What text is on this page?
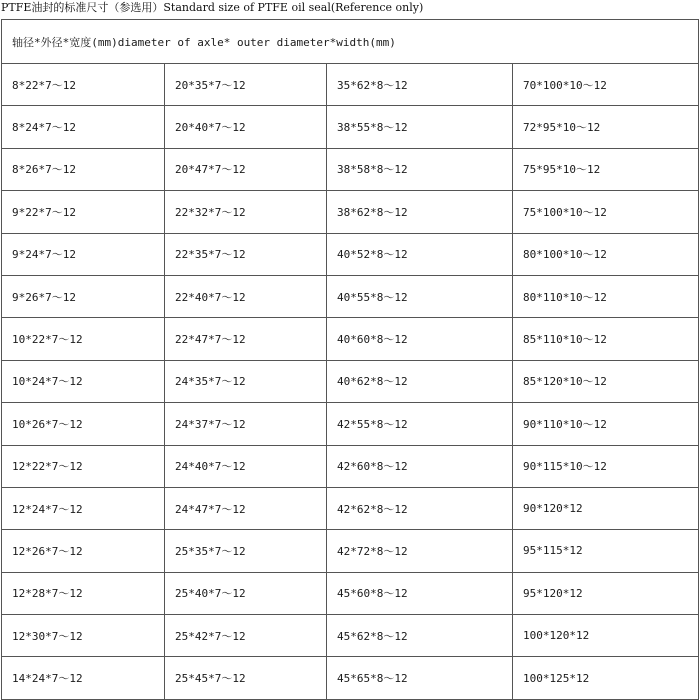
PTFE油封的标准尺寸（参选用）Standard size of PTFE oil seal(Reference only)
轴径*外径*宽度(mm)diameter of axle* outer diameter*width(mm)			
8*22*7～12	20*35*7～12	35*62*8～12	70*100*10～12
8*24*7～12	20*40*7～12	38*55*8～12	72*95*10～12
8*26*7～12	20*47*7～12	38*58*8～12	75*95*10～12
9*22*7～12	22*32*7～12	38*62*8～12	75*100*10～12
9*24*7～12	22*35*7～12	40*52*8～12	80*100*10～12
9*26*7～12	22*40*7～12	40*55*8～12	80*110*10～12
10*22*7～12	22*47*7～12	40*60*8～12	85*110*10～12
10*24*7～12	24*35*7～12	40*62*8～12	85*120*10～12
10*26*7～12	24*37*7～12	42*55*8～12	90*110*10～12
12*22*7～12	24*40*7～12	42*60*8～12	90*115*10～12
12*24*7～12	24*47*7～12	42*62*8～12	90*120*12
12*26*7～12	25*35*7～12	42*72*8～12	95*115*12
12*28*7～12	25*40*7～12	45*60*8～12	95*120*12
12*30*7～12	25*42*7～12	45*62*8～12	100*120*12
14*24*7～12	25*45*7～12	45*65*8～12	100*125*12
